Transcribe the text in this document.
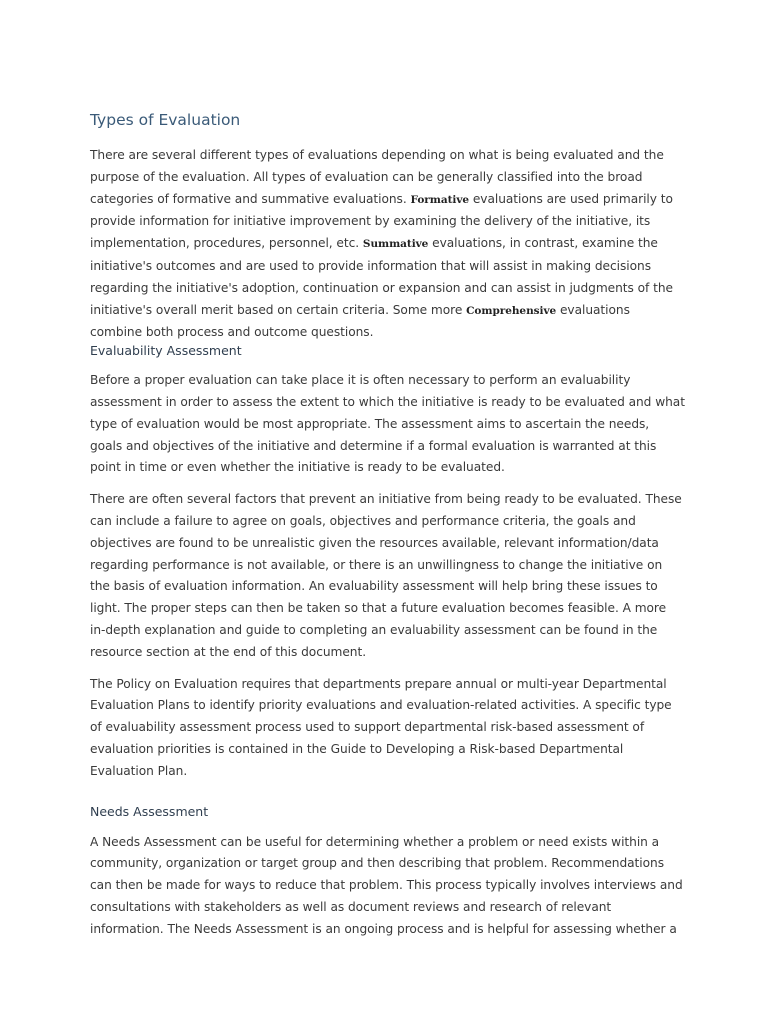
Types of Evaluation

There are several different types of evaluations depending on what is being evaluated and the purpose of the evaluation. All types of evaluation can be generally classified into the broad categories of formative and summative evaluations. Formative evaluations are used primarily to provide information for initiative improvement by examining the delivery of the initiative, its implementation, procedures, personnel, etc. Summative evaluations, in contrast, examine the initiative's outcomes and are used to provide information that will assist in making decisions regarding the initiative's adoption, continuation or expansion and can assist in judgments of the initiative's overall merit based on certain criteria. Some more Comprehensive evaluations combine both process and outcome questions.

Evaluability Assessment

Before a proper evaluation can take place it is often necessary to perform an evaluability assessment in order to assess the extent to which the initiative is ready to be evaluated and what type of evaluation would be most appropriate. The assessment aims to ascertain the needs, goals and objectives of the initiative and determine if a formal evaluation is warranted at this point in time or even whether the initiative is ready to be evaluated.

There are often several factors that prevent an initiative from being ready to be evaluated. These can include a failure to agree on goals, objectives and performance criteria, the goals and objectives are found to be unrealistic given the resources available, relevant information/data regarding performance is not available, or there is an unwillingness to change the initiative on the basis of evaluation information. An evaluability assessment will help bring these issues to light. The proper steps can then be taken so that a future evaluation becomes feasible. A more in-depth explanation and guide to completing an evaluability assessment can be found in the resource section at the end of this document.

The Policy on Evaluation requires that departments prepare annual or multi-year Departmental Evaluation Plans to identify priority evaluations and evaluation-related activities. A specific type of evaluability assessment process used to support departmental risk-based assessment of evaluation priorities is contained in the Guide to Developing a Risk-based Departmental Evaluation Plan.

Needs Assessment

A Needs Assessment can be useful for determining whether a problem or need exists within a community, organization or target group and then describing that problem. Recommendations can then be made for ways to reduce that problem. This process typically involves interviews and consultations with stakeholders as well as document reviews and research of relevant information. The Needs Assessment is an ongoing process and is helpful for assessing whether a
